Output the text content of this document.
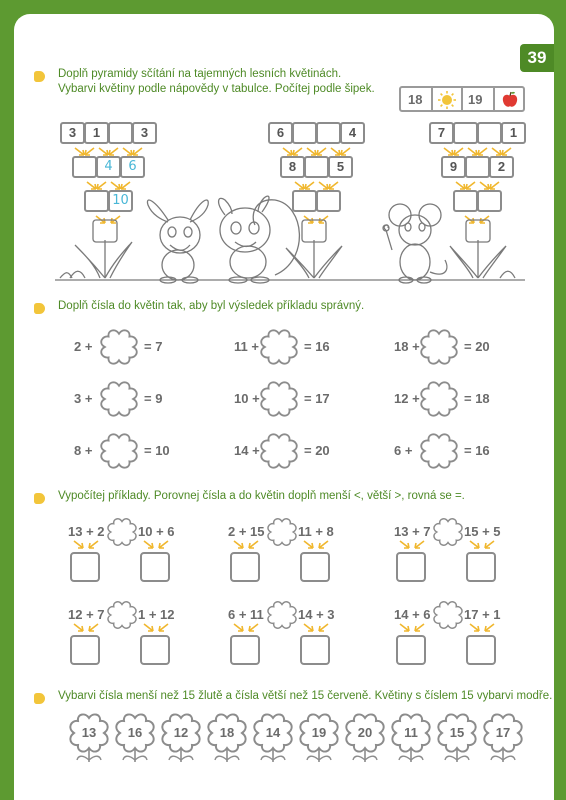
39
Doplň pyramidy sčítání na tajemných lesních květinách.
Vybarvi květiny podle nápovědy v tabulce. Počítej podle šipek.
18	19
3	1	3
4	6
10
6	4
8	5
7	1
9	2
Doplň čísla do květin tak, aby byl výsledek příkladu správný.
2 +	= 7	11 +	= 16	18 +	= 20
3 +	= 9	10 +	= 17	12 +	= 18
8 +	= 10	14 +	= 20	6 +	= 16
Vypočítej příklady. Porovnej čísla a do květin doplň menší <, větší >, rovná se =.
13 + 2	10 + 6	2 + 15	11 + 8	13 + 7	15 + 5
12 + 7	1 + 12	6 + 11	14 + 3	14 + 6	17 + 1
Vybarvi čísla menší než 15 žlutě a čísla větší než 15 červeně. Květiny s číslem 15 vybarvi modře.
13 16 12 18 14 19 20 11 15 17
